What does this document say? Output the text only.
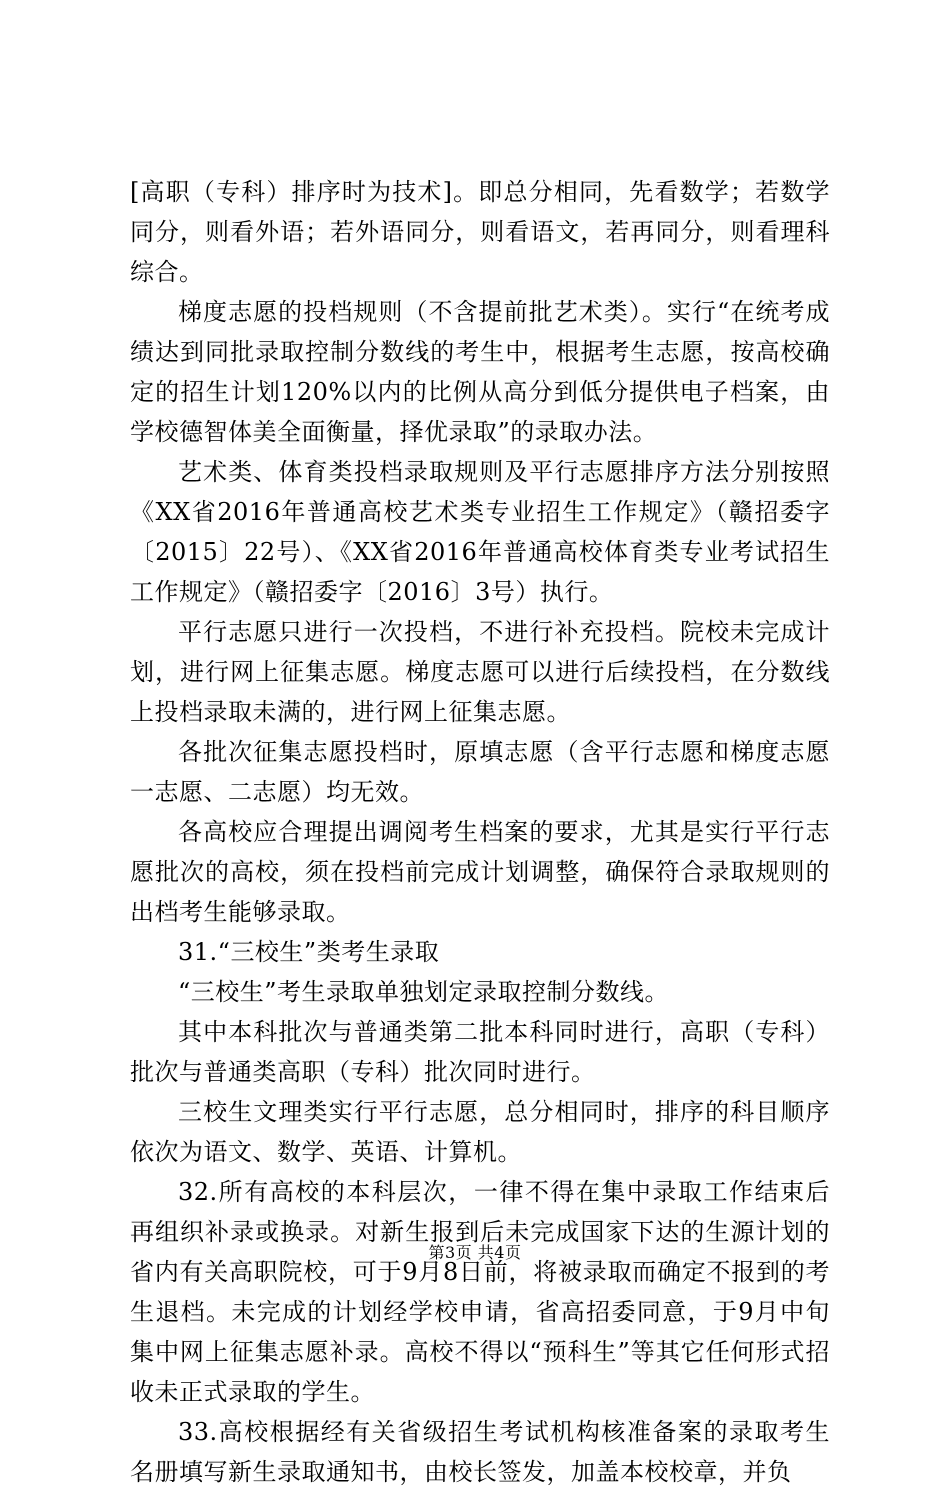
[高职（专科）排序时为技术]。即总分相同，先看数学；若数学同分，则看外语；若外语同分，则看语文，若再同分，则看理科综合。

梯度志愿的投档规则（不含提前批艺术类）。实行“在统考成绩达到同批录取控制分数线的考生中，根据考生志愿，按高校确定的招生计划120%以内的比例从高分到低分提供电子档案，由学校德智体美全面衡量，择优录取”的录取办法。

艺术类、体育类投档录取规则及平行志愿排序方法分别按照《XX省2016年普通高校艺术类专业招生工作规定》（赣招委字〔2015〕22号）、《XX省2016年普通高校体育类专业考试招生工作规定》（赣招委字〔2016〕3号）执行。

平行志愿只进行一次投档，不进行补充投档。院校未完成计划，进行网上征集志愿。梯度志愿可以进行后续投档，在分数线上投档录取未满的，进行网上征集志愿。

各批次征集志愿投档时，原填志愿（含平行志愿和梯度志愿一志愿、二志愿）均无效。

各高校应合理提出调阅考生档案的要求，尤其是实行平行志愿批次的高校，须在投档前完成计划调整，确保符合录取规则的出档考生能够录取。

31.“三校生”类考生录取

“三校生”考生录取单独划定录取控制分数线。

其中本科批次与普通类第二批本科同时进行，高职（专科）批次与普通类高职（专科）批次同时进行。

三校生文理类实行平行志愿，总分相同时，排序的科目顺序依次为语文、数学、英语、计算机。

32.所有高校的本科层次，一律不得在集中录取工作结束后再组织补录或换录。对新生报到后未完成国家下达的生源计划的省内有关高职院校，可于9月8日前，将被录取而确定不报到的考生退档。未完成的计划经学校申请，省高招委同意，于9月中旬集中网上征集志愿补录。高校不得以“预科生”等其它任何形式招收未正式录取的学生。

33.高校根据经有关省级招生考试机构核准备案的录取考生名册填写新生录取通知书，由校长签发，加盖本校校章，并负

第3页 共4页
